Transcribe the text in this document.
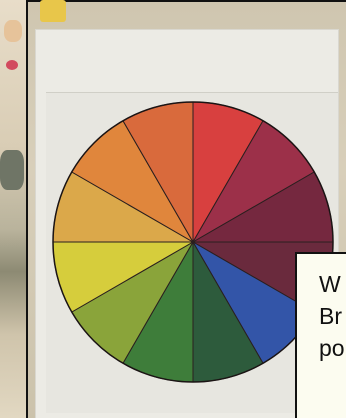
W
Br
po
